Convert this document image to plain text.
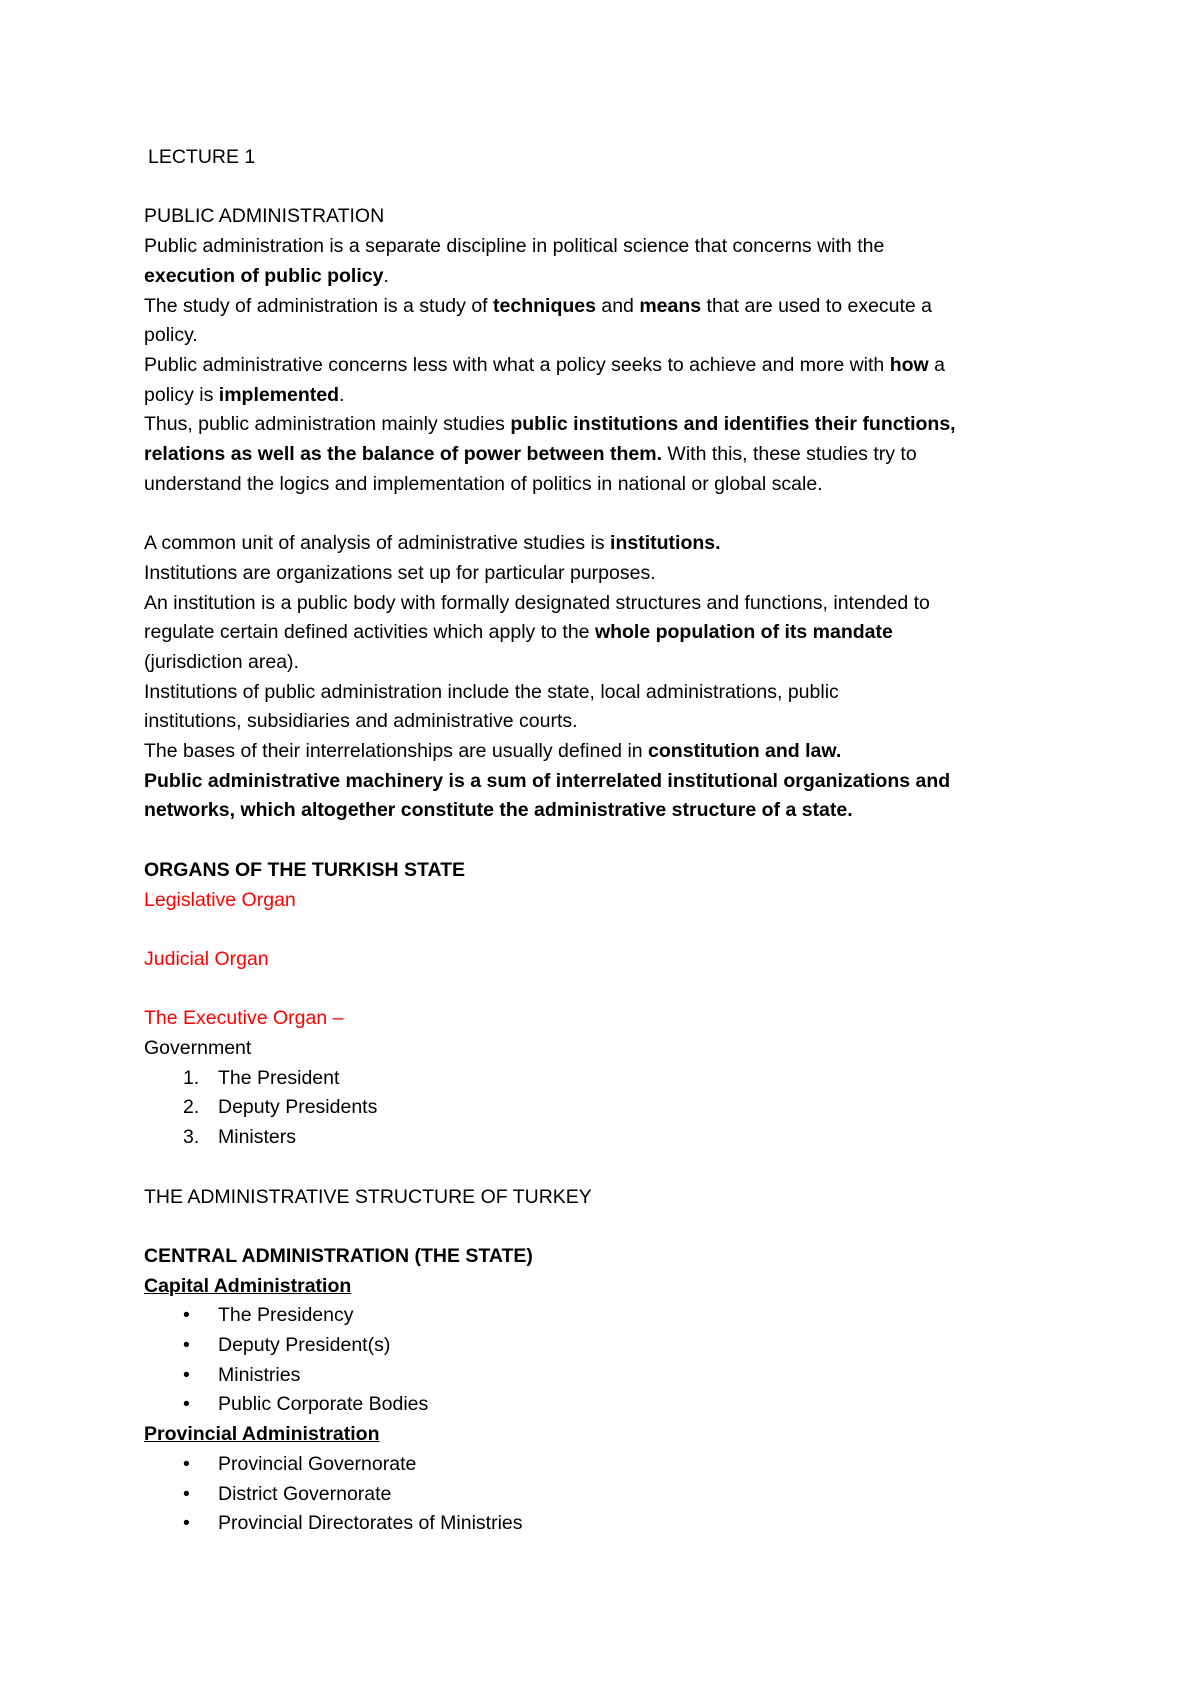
LECTURE 1

PUBLIC ADMINISTRATION

Public administration is a separate discipline in political science that concerns with the

execution of public policy.

The study of administration is a study of techniques and means that are used to execute a

policy.

Public administrative concerns less with what a policy seeks to achieve and more with how a

policy is implemented.

Thus, public administration mainly studies public institutions and identifies their functions,

relations as well as the balance of power between them. With this, these studies try to

understand the logics and implementation of politics in national or global scale.

A common unit of analysis of administrative studies is institutions.

Institutions are organizations set up for particular purposes.

An institution is a public body with formally designated structures and functions, intended to

regulate certain defined activities which apply to the whole population of its mandate

(jurisdiction area).

Institutions of public administration include the state, local administrations, public

institutions, subsidiaries and administrative courts.

The bases of their interrelationships are usually defined in constitution and law.

Public administrative machinery is a sum of interrelated institutional organizations and

networks, which altogether constitute the administrative structure of a state.

ORGANS OF THE TURKISH STATE

Legislative Organ

Judicial Organ

The Executive Organ –

Government

1. The President

2. Deputy Presidents

3. Ministers

THE ADMINISTRATIVE STRUCTURE OF TURKEY

CENTRAL ADMINISTRATION (THE STATE)

Capital Administration

• The Presidency

• Deputy President(s)

• Ministries

• Public Corporate Bodies

Provincial Administration

• Provincial Governorate

• District Governorate

• Provincial Directorates of Ministries
